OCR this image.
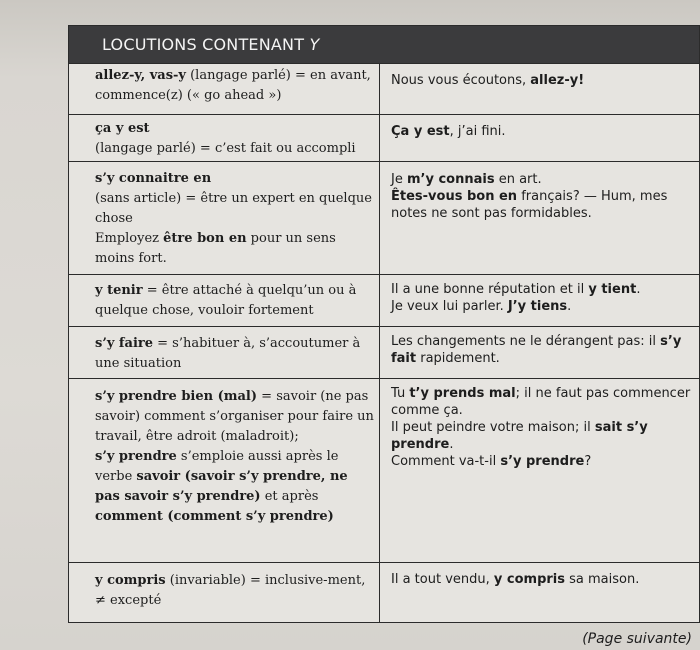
LOCUTIONS CONTENANT Y
allez-y, vas-y (langage parlé) = en avant, commence(z) (« go ahead »)
Nous vous écoutons, allez-y!
ça y est
(langage parlé) = c’est fait ou accompli
Ça y est, j’ai fini.
s’y connaitre en
(sans article) = être un expert en quelque chose
Employez être bon en pour un sens moins fort.
Je m’y connais en art.
Êtes-vous bon en français? — Hum, mes notes ne sont pas formidables.
y tenir = être attaché à quelqu’un ou à quelque chose, vouloir fortement
Il a une bonne réputation et il y tient.
Je veux lui parler. J’y tiens.
s’y faire = s’habituer à, s’accoutumer à une situation
Les changements ne le dérangent pas: il s’y fait rapidement.
s’y prendre bien (mal) = savoir (ne pas savoir) comment s’organiser pour faire un travail, être adroit (maladroit);
s’y prendre s’emploie aussi après le verbe savoir (savoir s’y prendre, ne pas savoir s’y prendre) et après comment (comment s’y prendre)
Tu t’y prends mal; il ne faut pas commencer comme ça.
Il peut peindre votre maison; il sait s’y prendre.
Comment va-t-il s’y prendre?
y compris (invariable) = inclusive-ment, ≠ excepté
Il a tout vendu, y compris sa maison.
(Page suivante)
